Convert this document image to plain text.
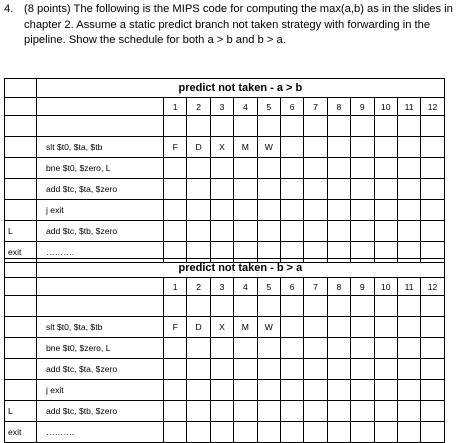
4. (8 points) The following is the MIPS code for computing the max(a,b) as in the slides in
chapter 2. Assume a static predict branch not taken strategy with forwarding in the
pipeline. Show the schedule for both a > b and b > a.
	predict not taken - a > b												
		1	2	3	4	5	6	7	8	9	10	11	12

	slt $t0, $ta, $tb	F	D	X	M	W							
	bne $t0, $zero, L												
	add $tc, $ta, $zero												
	j exit												
L	add $tc, $tb, $zero												
exit	……….												
	predict not taken - b > a												
		1	2	3	4	5	6	7	8	9	10	11	12

	slt $t0, $ta, $tb	F	D	X	M	W							
	bne $t0, $zero, L												
	add $tc, $ta, $zero												
	j exit												
L	add $tc, $tb, $zero												
exit	……….												
